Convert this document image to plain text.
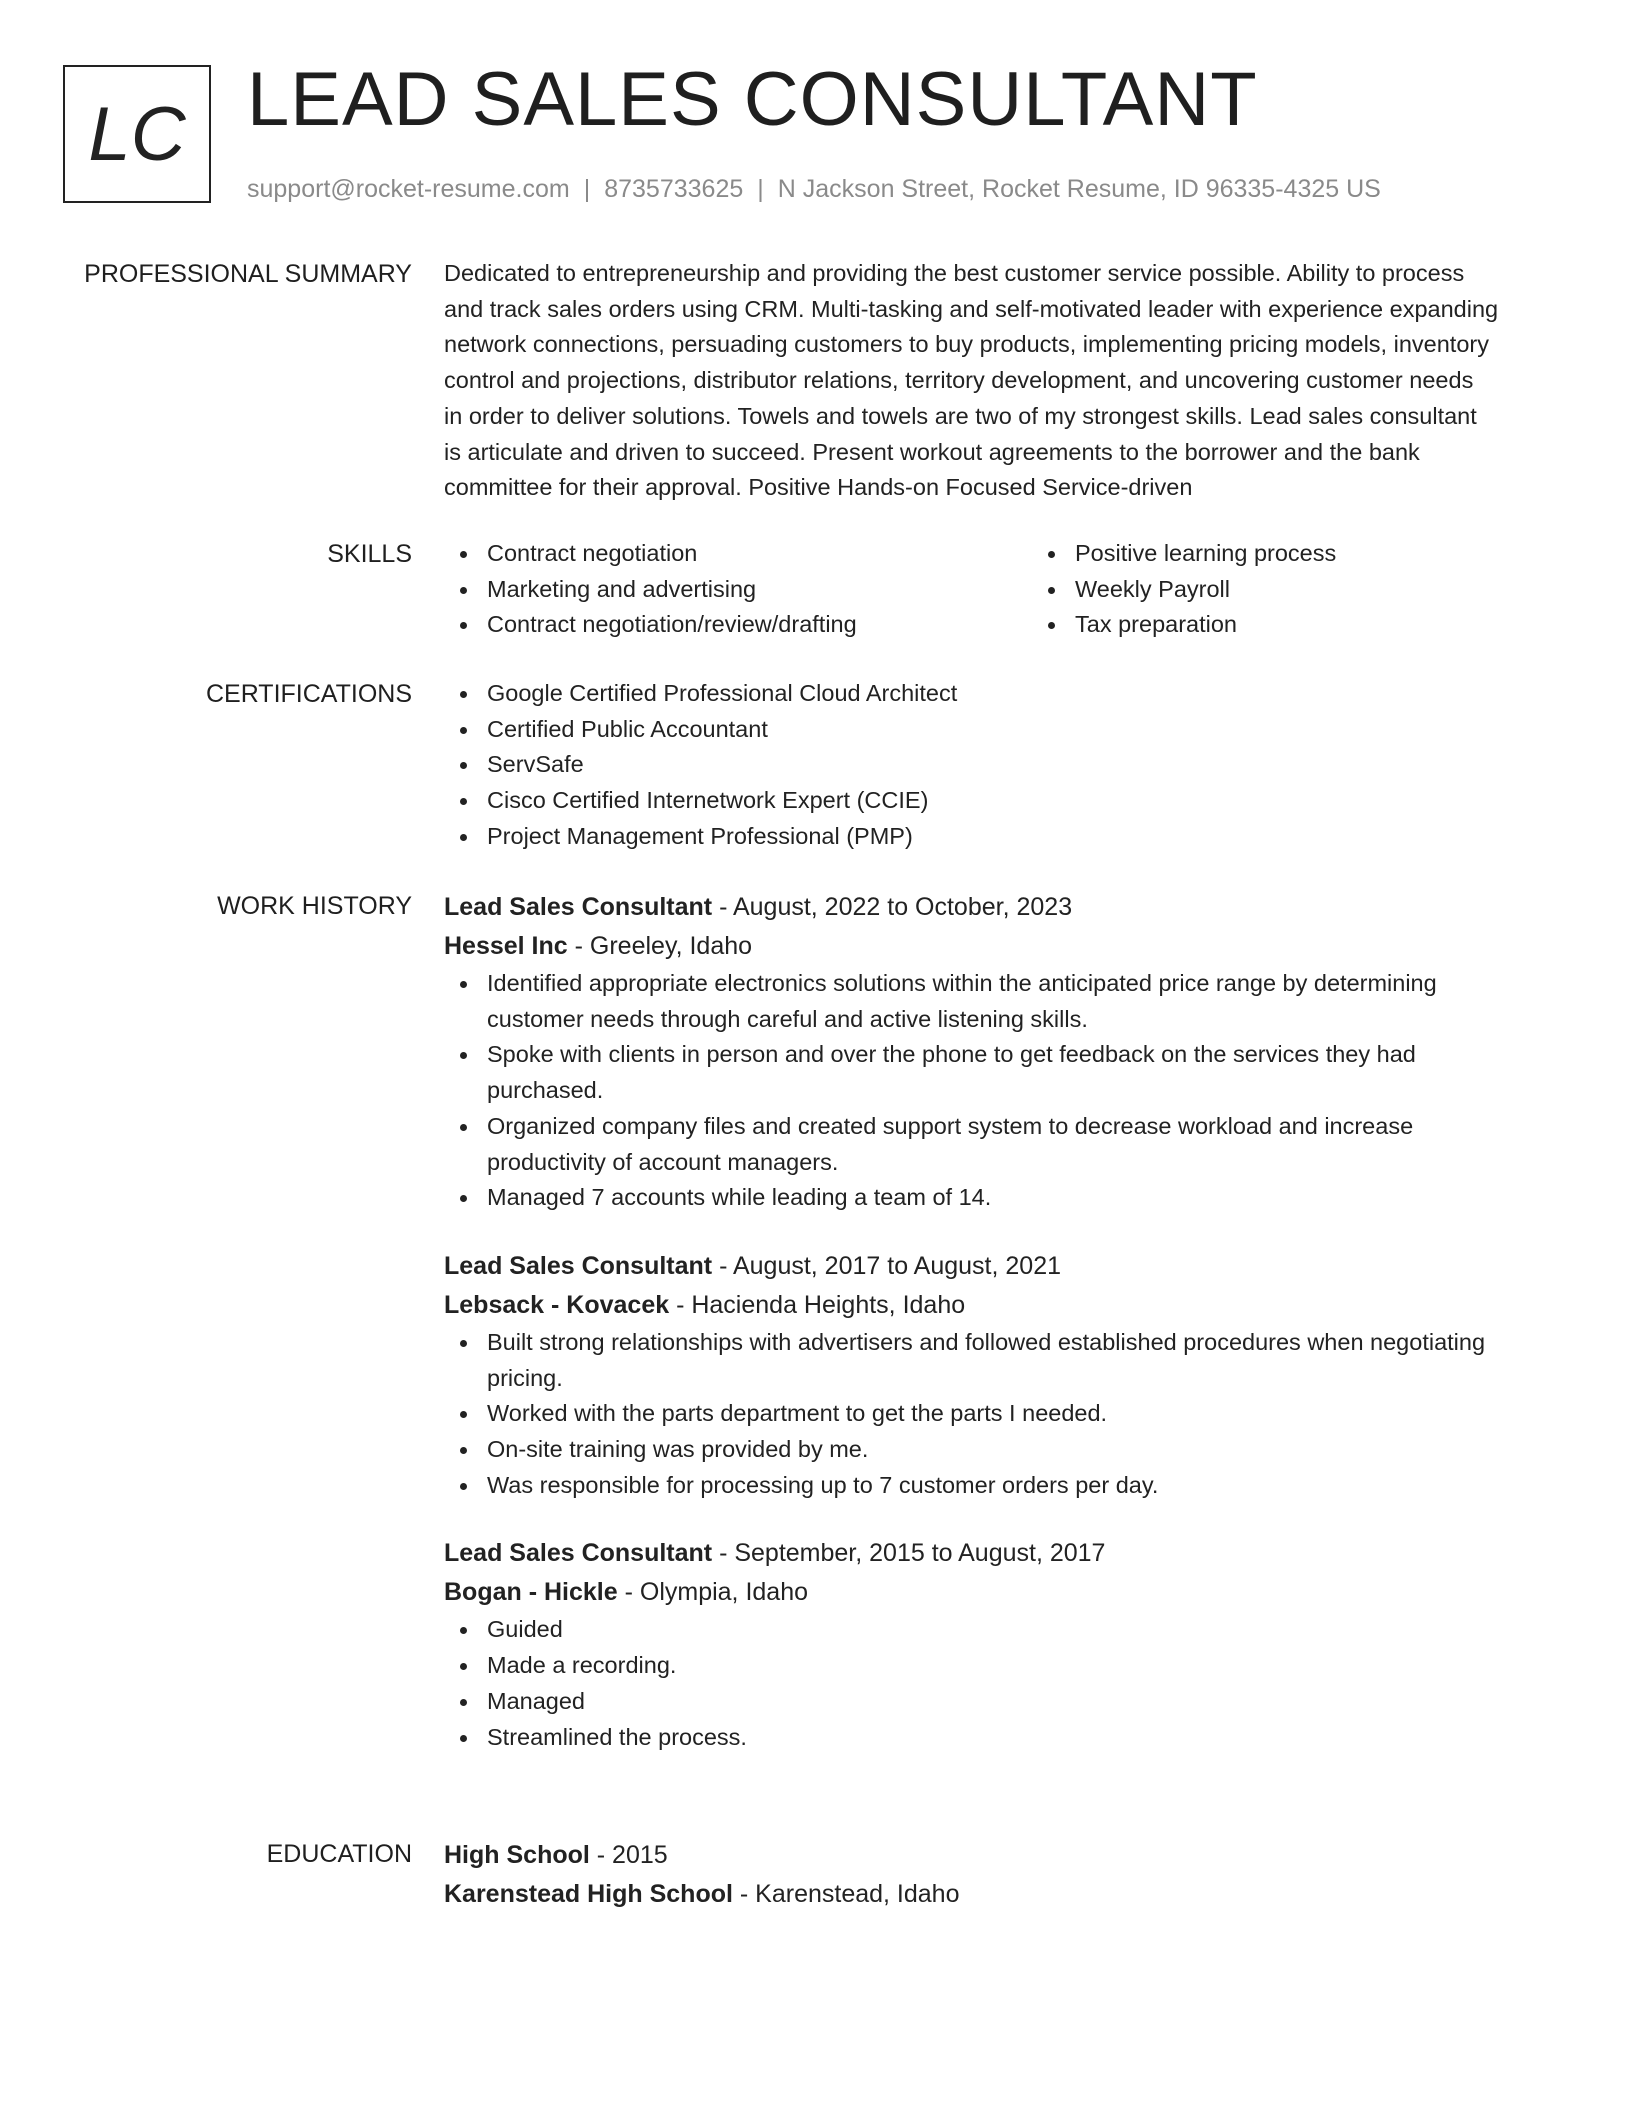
LC LEAD SALES CONSULTANT
support@rocket-resume.com | 8735733625 | N Jackson Street, Rocket Resume, ID 96335-4325 US
PROFESSIONAL SUMMARY Dedicated to entrepreneurship and providing the best customer service possible. Ability to process
and track sales orders using CRM. Multi-tasking and self-motivated leader with experience expanding
network connections, persuading customers to buy products, implementing pricing models, inventory
control and projections, distributor relations, territory development, and uncovering customer needs
in order to deliver solutions. Towels and towels are two of my strongest skills. Lead sales consultant
is articulate and driven to succeed. Present workout agreements to the borrower and the bank
committee for their approval. Positive Hands-on Focused Service-driven
SKILLS	Contract negotiation
Marketing and advertising
Contract negotiation/review/drafting
Positive learning process
Weekly Payroll
Tax preparation
CERTIFICATIONS	Google Certified Professional Cloud Architect
Certified Public Accountant
ServSafe
Cisco Certified Internetwork Expert (CCIE)
Project Management Professional (PMP)
WORK HISTORY Lead Sales Consultant - August, 2022 to October, 2023
Hessel Inc - Greeley, Idaho
Identified appropriate electronics solutions within the anticipated price range by determining
customer needs through careful and active listening skills.
Spoke with clients in person and over the phone to get feedback on the services they had
purchased.
Organized company files and created support system to decrease workload and increase
productivity of account managers.
Managed 7 accounts while leading a team of 14.
Lead Sales Consultant - August, 2017 to August, 2021
Lebsack - Kovacek - Hacienda Heights, Idaho
Built strong relationships with advertisers and followed established procedures when negotiating
pricing.
Worked with the parts department to get the parts I needed.
On-site training was provided by me.
Was responsible for processing up to 7 customer orders per day.
Lead Sales Consultant - September, 2015 to August, 2017
Bogan - Hickle - Olympia, Idaho
Guided
Made a recording.
Managed
Streamlined the process.
EDUCATION High School - 2015
Karenstead High School - Karenstead, Idaho
